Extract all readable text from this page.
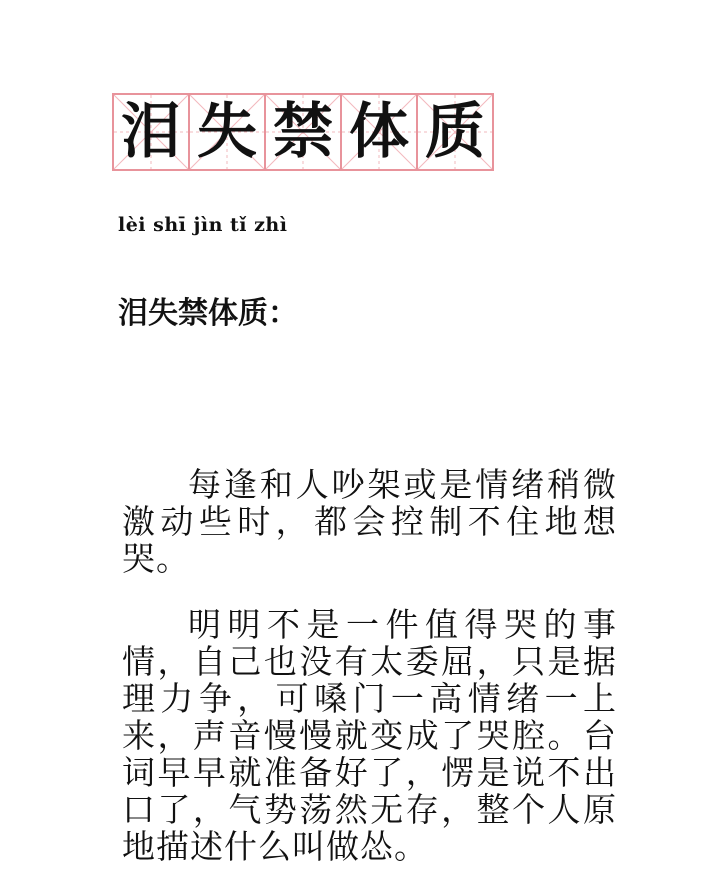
泪 失 禁 体 质
lèi shī jìn tǐ zhì
泪失禁体质：

每逢和人吵架或是情绪稍微激动些时，都会控制不住地想哭。

明明不是一件值得哭的事情，自己也没有太委屈，只是据理力争，可嗓门一高情绪一上来，声音慢慢就变成了哭腔。台词早早就准备好了，愣是说不出口了，气势荡然无存，整个人原地描述什么叫做怂。
